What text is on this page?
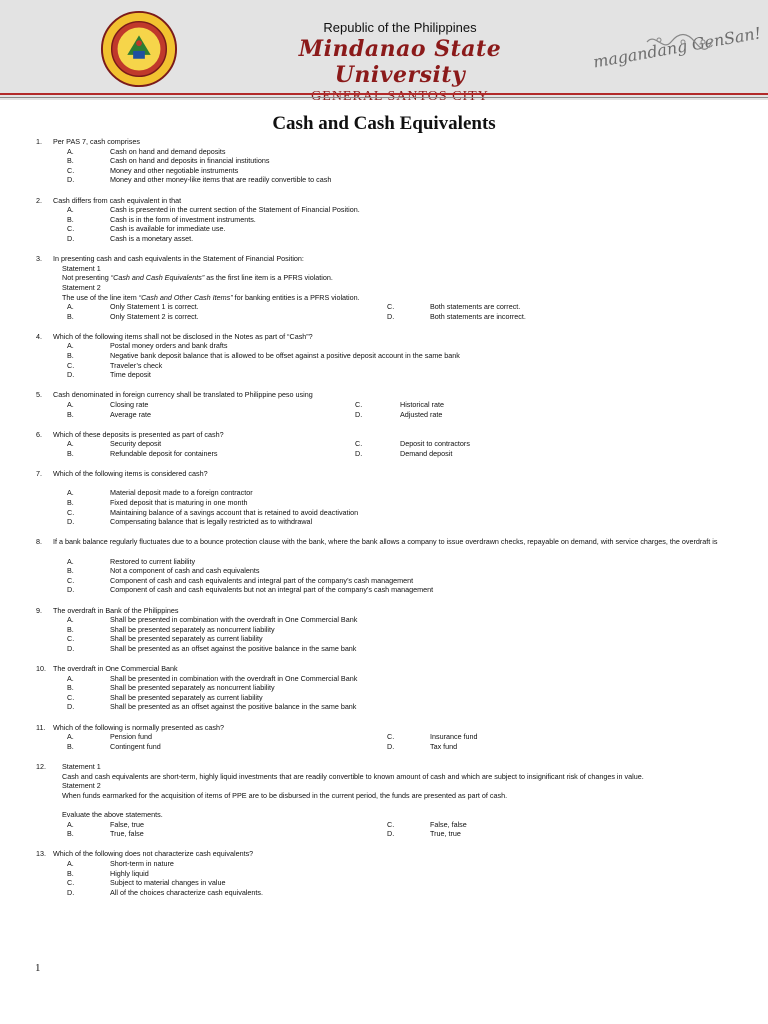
Republic of the Philippines
Mindanao State University
magandang GenSan!
Cash and Cash Equivalents
1.	Per PAS 7, cash comprises
A.	Cash on hand and demand deposits
B.	Cash on hand and deposits in financial institutions
C.	Money and other negotiable instruments
D.	Money and other money-like items that are readily convertible to cash
2.	Cash differs from cash equivalent in that
A.	Cash is presented in the current section of the Statement of Financial Position.
B.	Cash is in the form of investment instruments.
C.	Cash is available for immediate use.
D.	Cash is a monetary asset.
3.	In presenting cash and cash equivalents in the Statement of Financial Position:
Statement 1
Not presenting “Cash and Cash Equivalents” as the first line item is a PFRS violation.
Statement 2
The use of the line item “Cash and Other Cash Items” for banking entities is a PFRS violation.
A.	Only Statement 1 is correct.	C.	Both statements are correct.
B.	Only Statement 2 is correct.	D.	Both statements are incorrect.
4.	Which of the following items shall not be disclosed in the Notes as part of “Cash”?
A.	Postal money orders and bank drafts
B.	Negative bank deposit balance that is allowed to be offset against a positive deposit account in the same bank
C.	Traveler’s check
D.	Time deposit
5.	Cash denominated in foreign currency shall be translated to Philippine peso using
A.	Closing rate	C.	Historical rate
B.	Average rate	D.	Adjusted rate
6.	Which of these deposits is presented as part of cash?
A.	Security deposit	C.	Deposit to contractors
B.	Refundable deposit for containers	D.	Demand deposit
7.	Which of the following items is considered cash?
A.	Material deposit made to a foreign contractor
B.	Fixed deposit that is maturing in one month
C.	Maintaining balance of a savings account that is retained to avoid deactivation
D.	Compensating balance that is legally restricted as to withdrawal
8.	If a bank balance regularly fluctuates due to a bounce protection clause with the bank, where the bank allows a company to issue overdrawn checks, repayable on demand, with service charges, the overdraft is
A.	Restored to current liability
B.	Not a component of cash and cash equivalents
C.	Component of cash and cash equivalents and integral part of the company’s cash management
D.	Component of cash and cash equivalents but not an integral part of the company’s cash management
9.	The overdraft in Bank of the Philippines
A.	Shall be presented in combination with the overdraft in One Commercial Bank
B.	Shall be presented separately as noncurrent liability
C.	Shall be presented separately as current liability
D.	Shall be presented as an offset against the positive balance in the same bank
10. The overdraft in One Commercial Bank
A.	Shall be presented in combination with the overdraft in One Commercial Bank
B.	Shall be presented separately as noncurrent liability
C.	Shall be presented separately as current liability
D.	Shall be presented as an offset against the positive balance in the same bank
11.	Which of the following is normally presented as cash?
A.	Pension fund	C.	Insurance fund
B.	Contingent fund	D.	Tax fund
12.	Statement 1
Cash and cash equivalents are short-term, highly liquid investments that are readily convertible to known amount of cash and which are subject to insignificant risk of changes in value.
Statement 2
When funds earmarked for the acquisition of items of PPE are to be disbursed in the current period, the funds are presented as part of cash.
Evaluate the above statements.
A.	False, true	C.	False, false
B.	True, false	D.	True, true
13. Which of the following does not characterize cash equivalents?
A.	Short-term in nature
B.	Highly liquid
C.	Subject to material changes in value
D.	All of the choices characterize cash equivalents.
1
